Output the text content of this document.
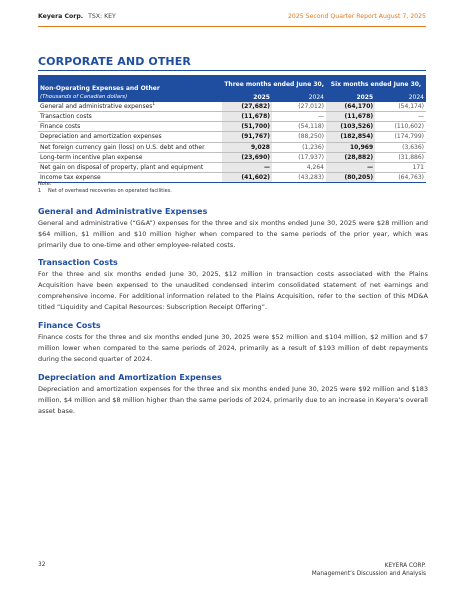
Keyera Corp. TSX: KEY	2025 Second Quarter Report August 7, 2025
CORPORATE AND OTHER
	Three months ended June 30,		Six months ended June 30,	
Non-Operating Expenses and Other				
(Thousands of Canadian dollars)	2025	2024	2025	2024
General and administrative expenses$^1$	(27,682)	(27,012)	(64,170)	(54,174)
Transaction costs	(11,678)	—	(11,678)	—
Finance costs	(51,700)	(54,118)	(103,526)	(110,602)
Depreciation and amortization expenses	(91,767)	(88,250)	(182,854)	(174,799)
Net foreign currency gain (loss) on U.S. debt and other	9,028	(1,236)	10,969	(3,636)
Long-term incentive plan expense	(23,690)	(17,937)	(28,882)	(31,886)
Net gain on disposal of property, plant and equipment	—	4,264	—	171
Income tax expense	(41,602)	(43,283)	(80,205)	(64,763)
Note:
1 Net of overhead recoveries on operated facilities.
General and Administrative Expenses
General and administrative (“G&A”) expenses for the three and six months ended June 30, 2025 were $28 million and $64 million, $1 million and $10 million higher when compared to the same periods of the prior year, which was primarily due to one-time and other employee-related costs.
Transaction Costs
For the three and six months ended June 30, 2025, $12 million in transaction costs associated with the Plains Acquisition have been expensed to the unaudited condensed interim consolidated statement of net earnings and comprehensive income. For additional information related to the Plains Acquisition, refer to the section of this MD&A titled “Liquidity and Capital Resources: Subscription Receipt Offering”.
Finance Costs
Finance costs for the three and six months ended June 30, 2025 were $52 million and $104 million, $2 million and $7 million lower when compared to the same periods of 2024, primarily as a result of $193 million of debt repayments during the second quarter of 2024.
Depreciation and Amortization Expenses
Depreciation and amortization expenses for the three and six months ended June 30, 2025 were $92 million and $183 million, $4 million and $8 million higher than the same periods of 2024, primarily due to an increase in Keyera’s overall asset base.
32	KEYERA CORP.
Management’s Discussion and Analysis
